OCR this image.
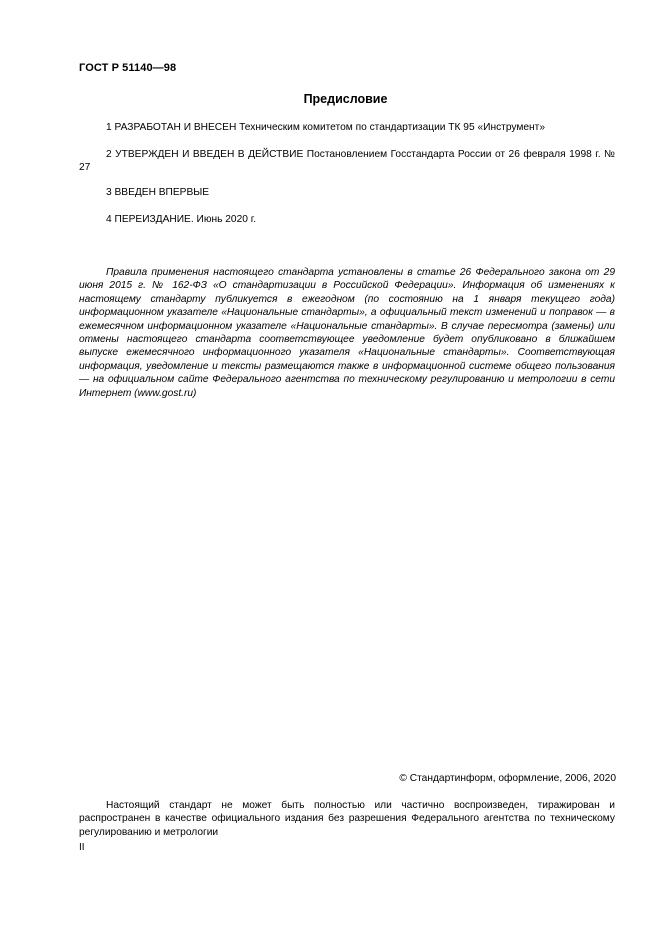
ГОСТ Р 51140—98
Предисловие
1 РАЗРАБОТАН И ВНЕСЕН Техническим комитетом по стандартизации ТК 95 «Инструмент»
2 УТВЕРЖДЕН И ВВЕДЕН В ДЕЙСТВИЕ Постановлением Госстандарта России от 26 февраля 1998 г. № 27
3 ВВЕДЕН ВПЕРВЫЕ
4 ПЕРЕИЗДАНИЕ. Июнь 2020 г.
Правила применения настоящего стандарта установлены в статье 26 Федерального закона от 29 июня 2015 г. № 162-ФЗ «О стандартизации в Российской Федерации». Информация об изменениях к настоящему стандарту публикуется в ежегодном (по состоянию на 1 января текущего года) информационном указателе «Национальные стандарты», а официальный текст изменений и поправок — в ежемесячном информационном указателе «Национальные стандарты». В случае пересмотра (замены) или отмены настоящего стандарта соответствующее уведомление будет опубликовано в ближайшем выпуске ежемесячного информационного указателя «Национальные стандарты». Соответствующая информация, уведомление и тексты размещаются также в информационной системе общего пользования — на официальном сайте Федерального агентства по техническому регулированию и метрологии в сети Интернет (www.gost.ru)
© Стандартинформ, оформление, 2006, 2020
Настоящий стандарт не может быть полностью или частично воспроизведен, тиражирован и распространен в качестве официального издания без разрешения Федерального агентства по техническому регулированию и метрологии
II
